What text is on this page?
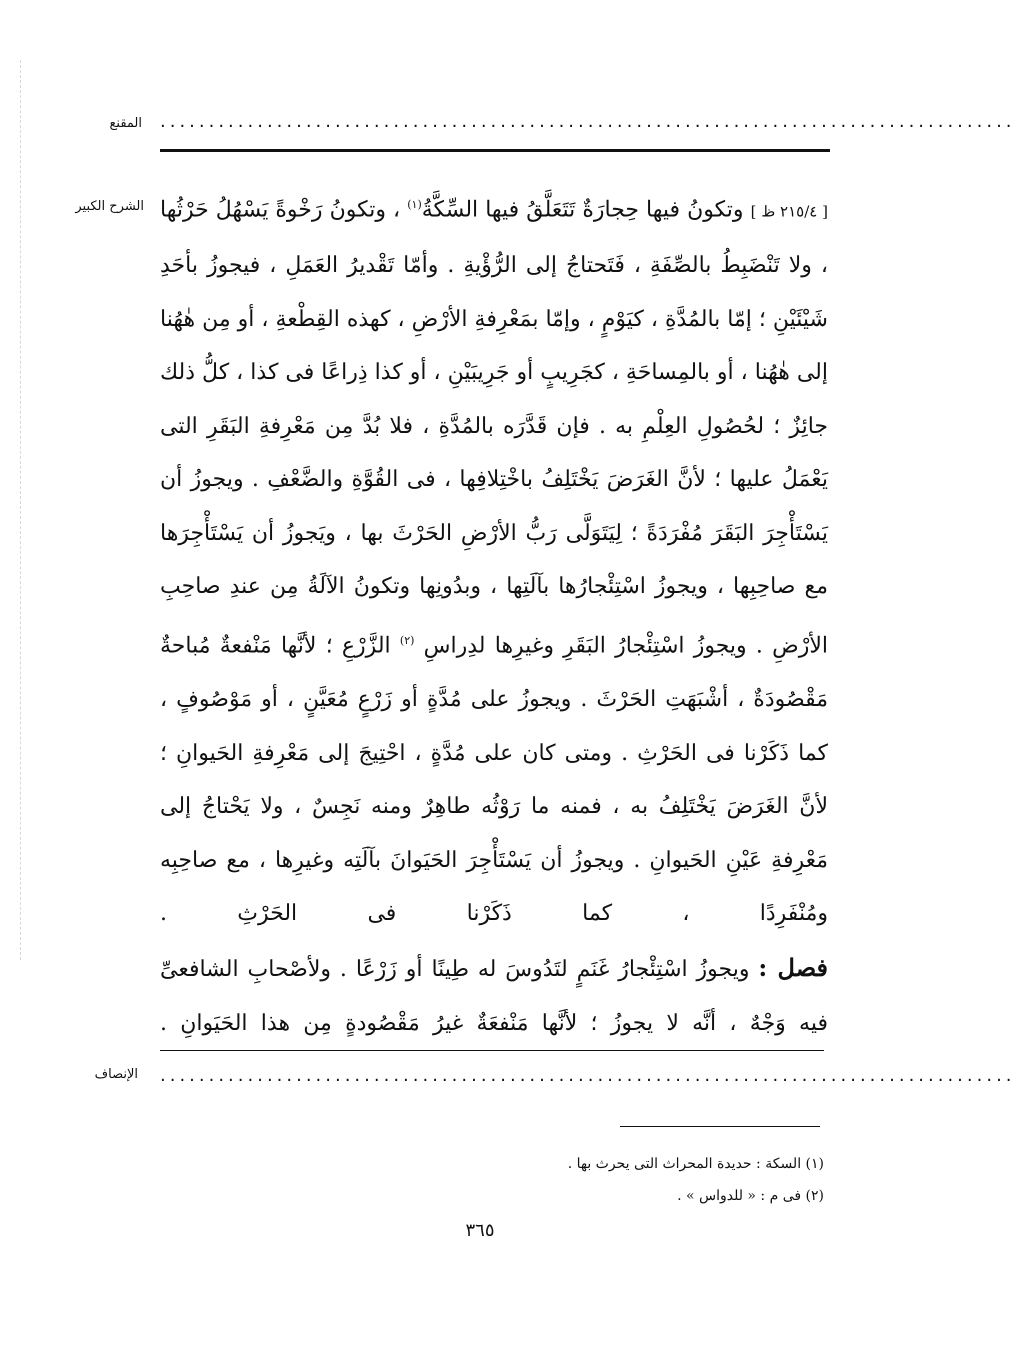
المقنع ........................................................................................
الشرح الكبير	[ ٢١٥/٤ ظ ] وتكونُ فيها حِجارَةٌ تَتَعَلَّقُ فيها السِّكَّةُ$^{(١)}$ ، وتكونُ رَخْوةً يَسْهُلُ حَرْثُها ، ولا تَنْضَبِطُ بالصِّفَةِ ، فَتَحتاجُ إلى الرُّؤْيةِ . وأمّا تَقْديرُ العَمَلِ ، فيجوزُ بأحَدِ شَيْئَيْنِ ؛ إمّا بالمُدَّةِ ، كيَوْمٍ ، وإمّا بمَعْرِفةِ الأرْضِ ، كهذه القِطْعةِ ، أو مِن هٰهُنا إلى هٰهُنا ، أو بالمِساحَةِ ، كجَرِيبٍ أو جَرِيبَيْنِ ، أو كذا ذِراعًا فى كذا ، كلُّ ذلك جائِزٌ ؛ لحُصُولِ العِلْمِ به . فإن قَدَّرَه بالمُدَّةِ ، فلا بُدَّ مِن مَعْرِفةِ البَقَرِ التى يَعْمَلُ عليها ؛ لأنَّ الغَرَضَ يَخْتَلِفُ باخْتِلافِها ، فى القُوَّةِ والضَّعْفِ . ويجوزُ أن يَسْتَأْجِرَ البَقَرَ مُفْرَدَةً ؛ لِيَتَوَلَّى رَبُّ الأرْضِ الحَرْثَ بها ، ويَجوزُ أن يَسْتَأْجِرَها مع صاحِبِها ، ويجوزُ اسْتِئْجارُها بآلَتِها ، وبدُونِها وتكونُ الآلَةُ مِن عندِ صاحِبِ الأرْضِ . ويجوزُ اسْتِئْجارُ البَقَرِ وغيرِها لدِراسِ $^{(٢)}$ الزَّرْعِ ؛ لأنَّها مَنْفعةٌ مُباحةٌ مَقْصُودَةٌ ، أشْبَهَتِ الحَرْثَ . ويجوزُ على مُدَّةٍ أو زَرْعٍ مُعَيَّنٍ ، أو مَوْصُوفٍ ، كما ذَكَرْنا فى الحَرْثِ . ومتى كان على مُدَّةٍ ، احْتِيجَ إلى مَعْرِفةِ الحَيوانِ ؛ لأنَّ الغَرَضَ يَخْتَلِفُ به ، فمنه ما رَوْثُه طاهِرٌ ومنه نَجِسٌ ، ولا يَحْتاجُ إلى مَعْرِفةِ عَيْنِ الحَيوانِ . ويجوزُ أن يَسْتَأْجِرَ الحَيَوانَ بآلَتِه وغيرِها ، مع صاحِبِه ومُنْفَرِدًا ، كما ذَكَرْنا فى الحَرْثِ .

فصل : ويجوزُ اسْتِئْجارُ غَنَمٍ لتَدُوسَ له طِينًا أو زَرْعًا . ولأصْحابِ الشافعىِّ فيه وَجْهٌ ، أنَّه لا يجوزُ ؛ لأنَّها مَنْفعَةٌ غيرُ مَقْصُودةٍ مِن هذا الحَيَوانِ .

الإنصاف ........................................................................................

(١) السكة : حديدة المحراث التى يحرث بها .

(٢) فى م : « للدواس » .

٣٦٥
